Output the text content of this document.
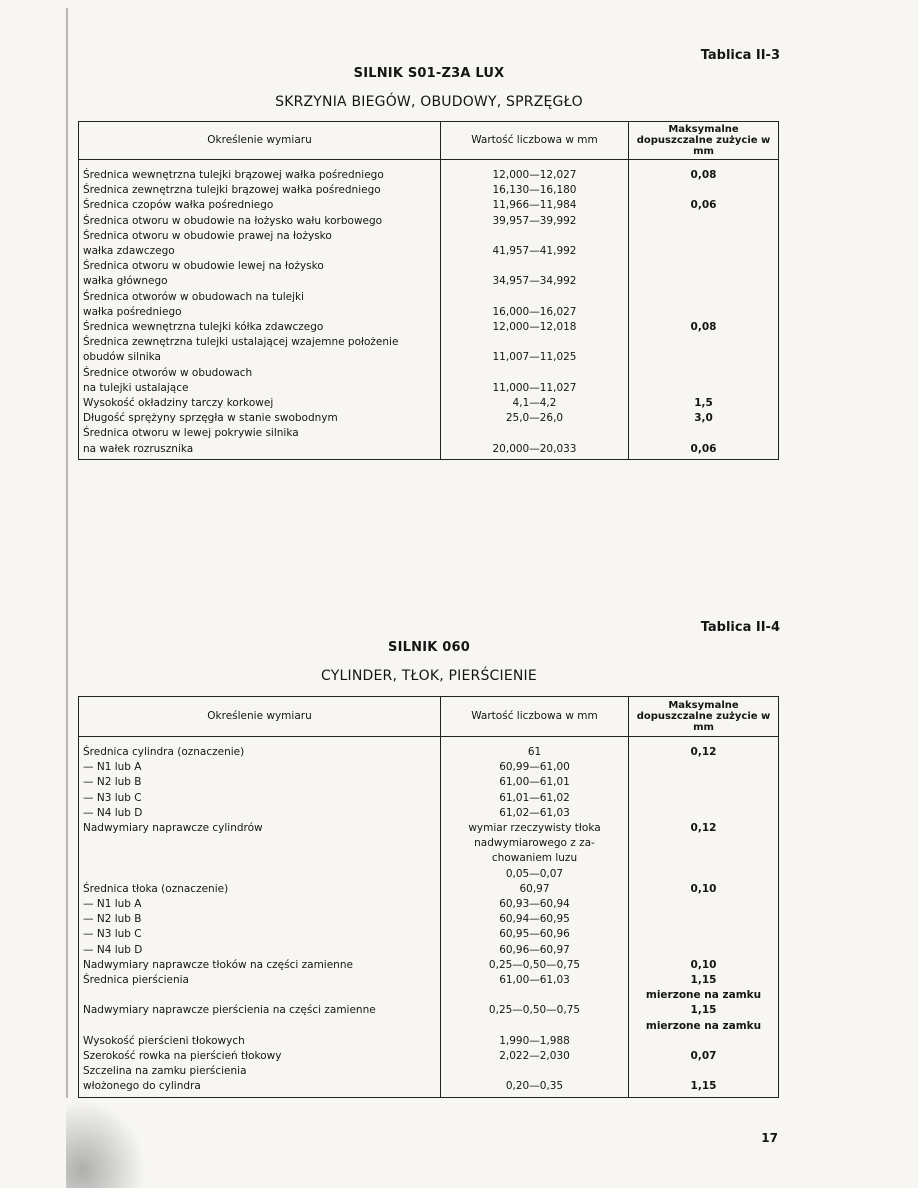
Tablica II-3
SILNIK S01-Z3A LUX
SKRZYNIA BIEGÓW, OBUDOWY, SPRZĘGŁO
Określenie wymiaru	Wartość liczbowa w mm	Maksymalne dopuszczalne zużycie w mm
Średnica wewnętrzna tulejki brązowej wałka pośredniego	12,000—12,027	0,08
Średnica zewnętrzna tulejki brązowej wałka pośredniego	16,130—16,180	
Średnica czopów wałka pośredniego	11,966—11,984	0,06
Średnica otworu w obudowie na łożysko wału korbowego	39,957—39,992	
Średnica otworu w obudowie prawej na łożysko		
wałka zdawczego	41,957—41,992	
Średnica otworu w obudowie lewej na łożysko		
wałka głównego	34,957—34,992	
Średnica otworów w obudowach na tulejki		
wałka pośredniego	16,000—16,027	
Średnica wewnętrzna tulejki kółka zdawczego	12,000—12,018	0,08
Średnica zewnętrzna tulejki ustalającej wzajemne położenie		
obudów silnika	11,007—11,025	
Średnice otworów w obudowach		
na tulejki ustalające	11,000—11,027	
Wysokość okładziny tarczy korkowej	4,1—4,2	1,5
Długość sprężyny sprzęgła w stanie swobodnym	25,0—26,0	3,0
Średnica otworu w lewej pokrywie silnika		
na wałek rozrusznika	20,000—20,033	0,06
Tablica II-4
SILNIK 060
CYLINDER, TŁOK, PIERŚCIENIE
Określenie wymiaru	Wartość liczbowa w mm	Maksymalne dopuszczalne zużycie w mm
Średnica cylindra (oznaczenie)	61	0,12
— N1 lub A	60,99—61,00	
— N2 lub B	61,00—61,01	
— N3 lub C	61,01—61,02	
— N4 lub D	61,02—61,03	
Nadwymiary naprawcze cylindrów	wymiar rzeczywisty tłoka	0,12
	nadwymiarowego z za-	
	chowaniem luzu	
	0,05—0,07	
Średnica tłoka (oznaczenie)	60,97	0,10
— N1 lub A	60,93—60,94	
— N2 lub B	60,94—60,95	
— N3 lub C	60,95—60,96	
— N4 lub D	60,96—60,97	
Nadwymiary naprawcze tłoków na części zamienne	0,25—0,50—0,75	0,10
Średnica pierścienia	61,00—61,03	1,15
		mierzone na zamku
Nadwymiary naprawcze pierścienia na części zamienne	0,25—0,50—0,75	1,15
		mierzone na zamku
Wysokość pierścieni tłokowych	1,990—1,988	
Szerokość rowka na pierścień tłokowy	2,022—2,030	0,07
Szczelina na zamku pierścienia		
włożonego do cylindra	0,20—0,35	1,15
17
